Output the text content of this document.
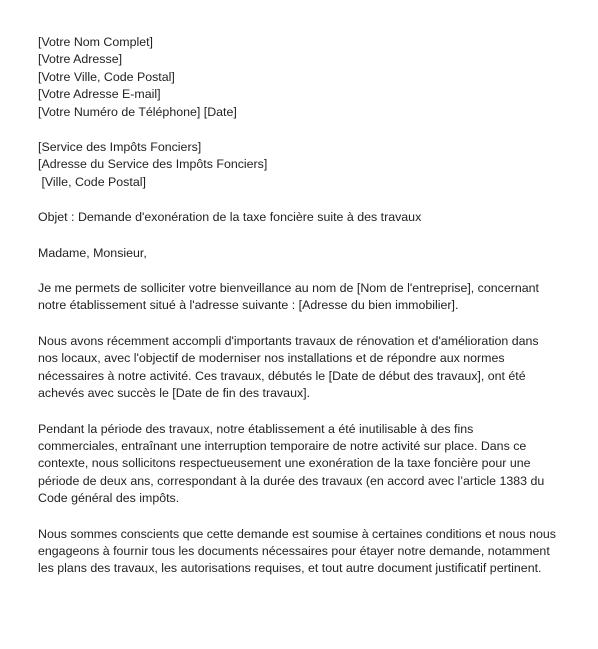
[Votre Nom Complet]
[Votre Adresse]
[Votre Ville, Code Postal]
[Votre Adresse E-mail]
[Votre Numéro de Téléphone] [Date]
[Service des Impôts Fonciers]
[Adresse du Service des Impôts Fonciers]
[Ville, Code Postal]

Objet : Demande d'exonération de la taxe foncière suite à des travaux

Madame, Monsieur,

Je me permets de solliciter votre bienveillance au nom de [Nom de l'entreprise], concernant notre établissement situé à l'adresse suivante : [Adresse du bien immobilier].

Nous avons récemment accompli d'importants travaux de rénovation et d'amélioration dans nos locaux, avec l'objectif de moderniser nos installations et de répondre aux normes nécessaires à notre activité. Ces travaux, débutés le [Date de début des travaux], ont été achevés avec succès le [Date de fin des travaux].

Pendant la période des travaux, notre établissement a été inutilisable à des fins commerciales, entraînant une interruption temporaire de notre activité sur place. Dans ce contexte, nous sollicitons respectueusement une exonération de la taxe foncière pour une période de deux ans, correspondant à la durée des travaux (en accord avec l’article 1383 du Code général des impôts.

Nous sommes conscients que cette demande est soumise à certaines conditions et nous nous engageons à fournir tous les documents nécessaires pour étayer notre demande, notamment les plans des travaux, les autorisations requises, et tout autre document justificatif pertinent.
